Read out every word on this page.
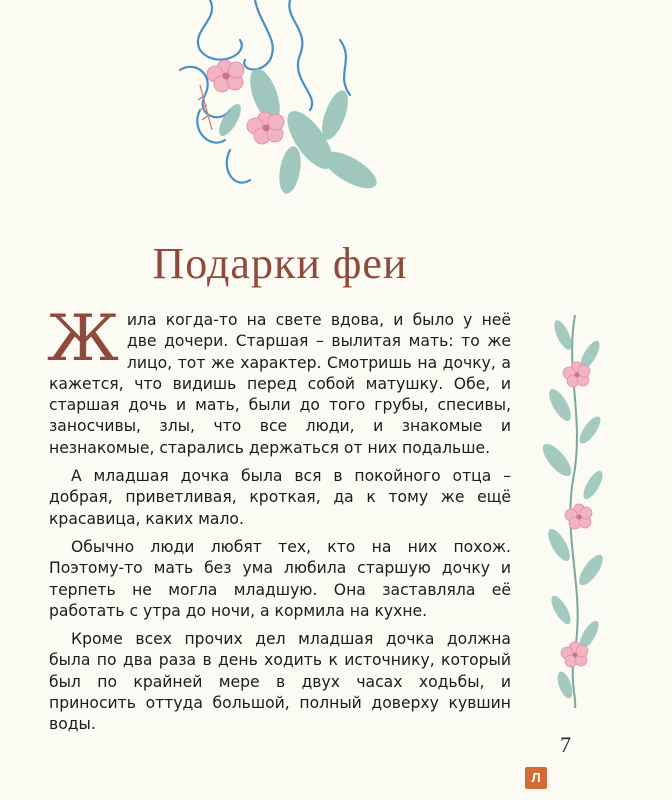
Подарки феи

Жила когда-то на свете вдова, и было у неё две дочери. Старшая – вылитая мать: то же лицо, тот же характер. Смотришь на дочку, а кажется, что видишь перед собой матушку. Обе, и старшая дочь и мать, были до того грубы, спесивы, заносчивы, злы, что все люди, и знакомые и незнакомые, старались держаться от них подальше.

А младшая дочка была вся в покойного отца – добрая, приветливая, кроткая, да к тому же ещё красавица, каких мало.

Обычно люди любят тех, кто на них похож. Поэтому-то мать без ума любила старшую дочку и терпеть не могла младшую. Она заставляла её работать с утра до ночи, а кормила на кухне.

Кроме всех прочих дел младшая дочка должна была по два раза в день ходить к источнику, который был по крайней мере в двух часах ходьбы, и приносить оттуда большой, полный доверху кувшин воды.

7
Л
